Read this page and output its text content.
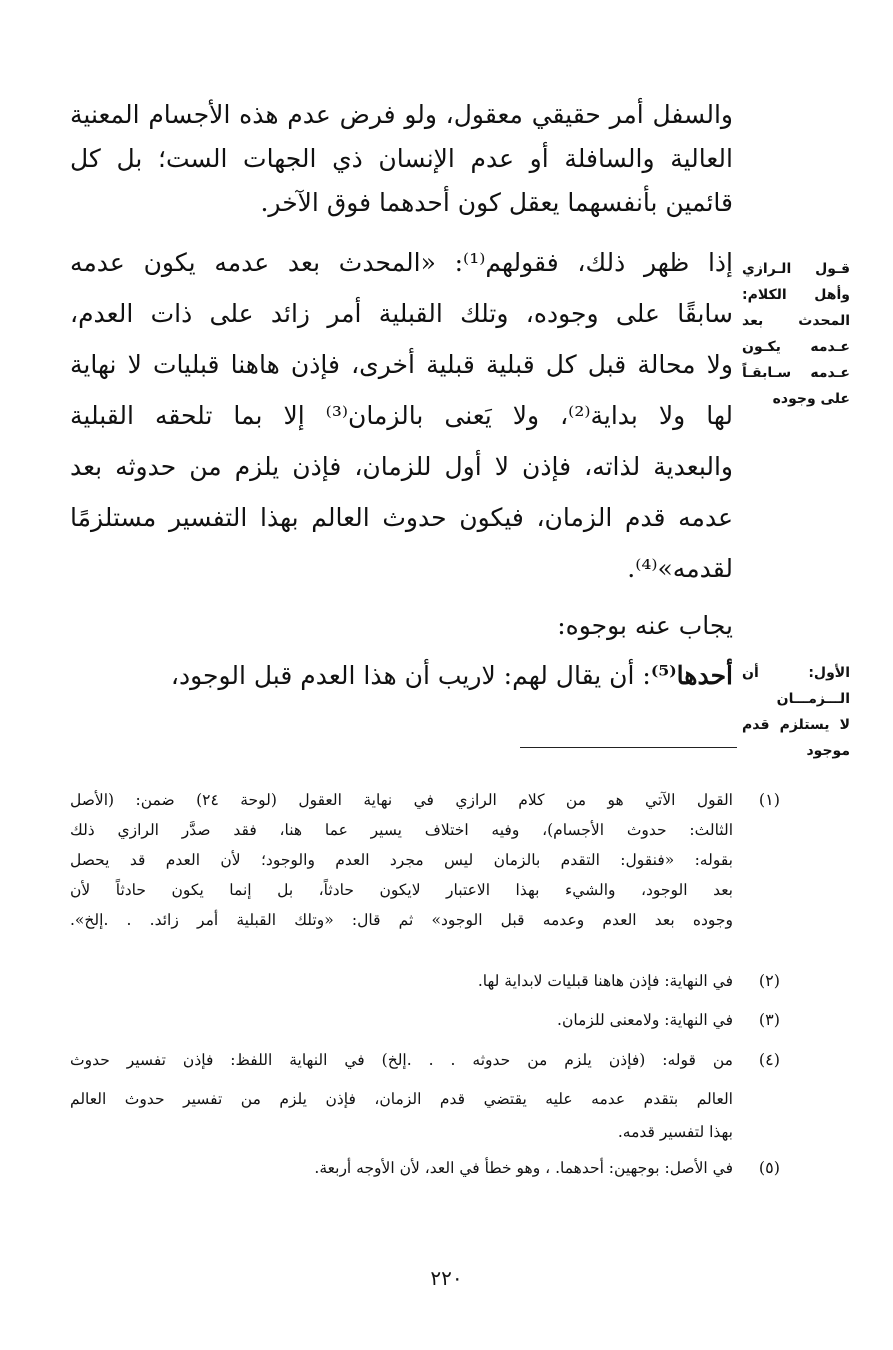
والسفل أمر حقيقي معقول، ولو فرض عدم هذه الأجسام المعنية
العالية والسافلة أو عدم الإنسان ذي الجهات الست؛ بل كل
قائمين بأنفسهما يعقل كون أحدهما فوق الآخر.
إذا ظهر ذلك، فقولهم⁽¹⁾: «المحدث بعد عدمه يكون عدمه
سابقًا على وجوده، وتلك القبلية أمر زائد على ذات العدم،
ولا محالة قبل كل قبلية قبلية أخرى، فإذن هاهنا قبليات لا نهاية
لها ولا بداية⁽²⁾، ولا يَعنى بالزمان⁽³⁾ إلا بما تلحقه القبلية
والبعدية لذاته، فإذن لا أول للزمان، فإذن يلزم من حدوثه بعد
عدمه قدم الزمان، فيكون حدوث العالم بهذا التفسير مستلزمًا
لقدمه»⁽⁴⁾.
يجاب عنه بوجوه:
أحدها⁽⁵⁾: أن يقال لهم: لاريب أن هذا العدم قبل الوجود،
قـول الـرازي
وأهل الكلام:
المحدث بعد
عـدمه يكـون
عـدمه سـابقـاً
على وجوده
الأول: أن
الـــزمـــان
لا يستلزم قدم
موجود
(١)
القول الآتي هو من كلام الرازي في نهاية العقول (لوحة ٢٤) ضمن: (الأصل
الثالث: حدوث الأجسام)، وفيه اختلاف يسير عما هنا، فقد صدَّر الرازي ذلك
بقوله: «فنقول: التقدم بالزمان ليس مجرد العدم والوجود؛ لأن العدم قد يحصل
بعد الوجود، والشيء بهذا الاعتبار لايكون حادثاً، بل إنما يكون حادثاً لأن
وجوده بعد العدم وعدمه قبل الوجود» ثم قال: «وتلك القبلية أمر زائد. . .إلخ».
(٢)
في النهاية: فإذن هاهنا قبليات لابداية لها.
(٣)
في النهاية: ولامعنى للزمان.
(٤)
من قوله: (فإذن يلزم من حدوثه . . .إلخ) في النهاية اللفظ: فإذن تفسير حدوث
العالم بتقدم عدمه عليه يقتضي قدم الزمان، فإذن يلزم من تفسير حدوث العالم
بهذا لتفسير قدمه.
(٥)
في الأصل: بوجهين: أحدهما. ، وهو خطأ في العد، لأن الأوجه أربعة.
٢٢٠
